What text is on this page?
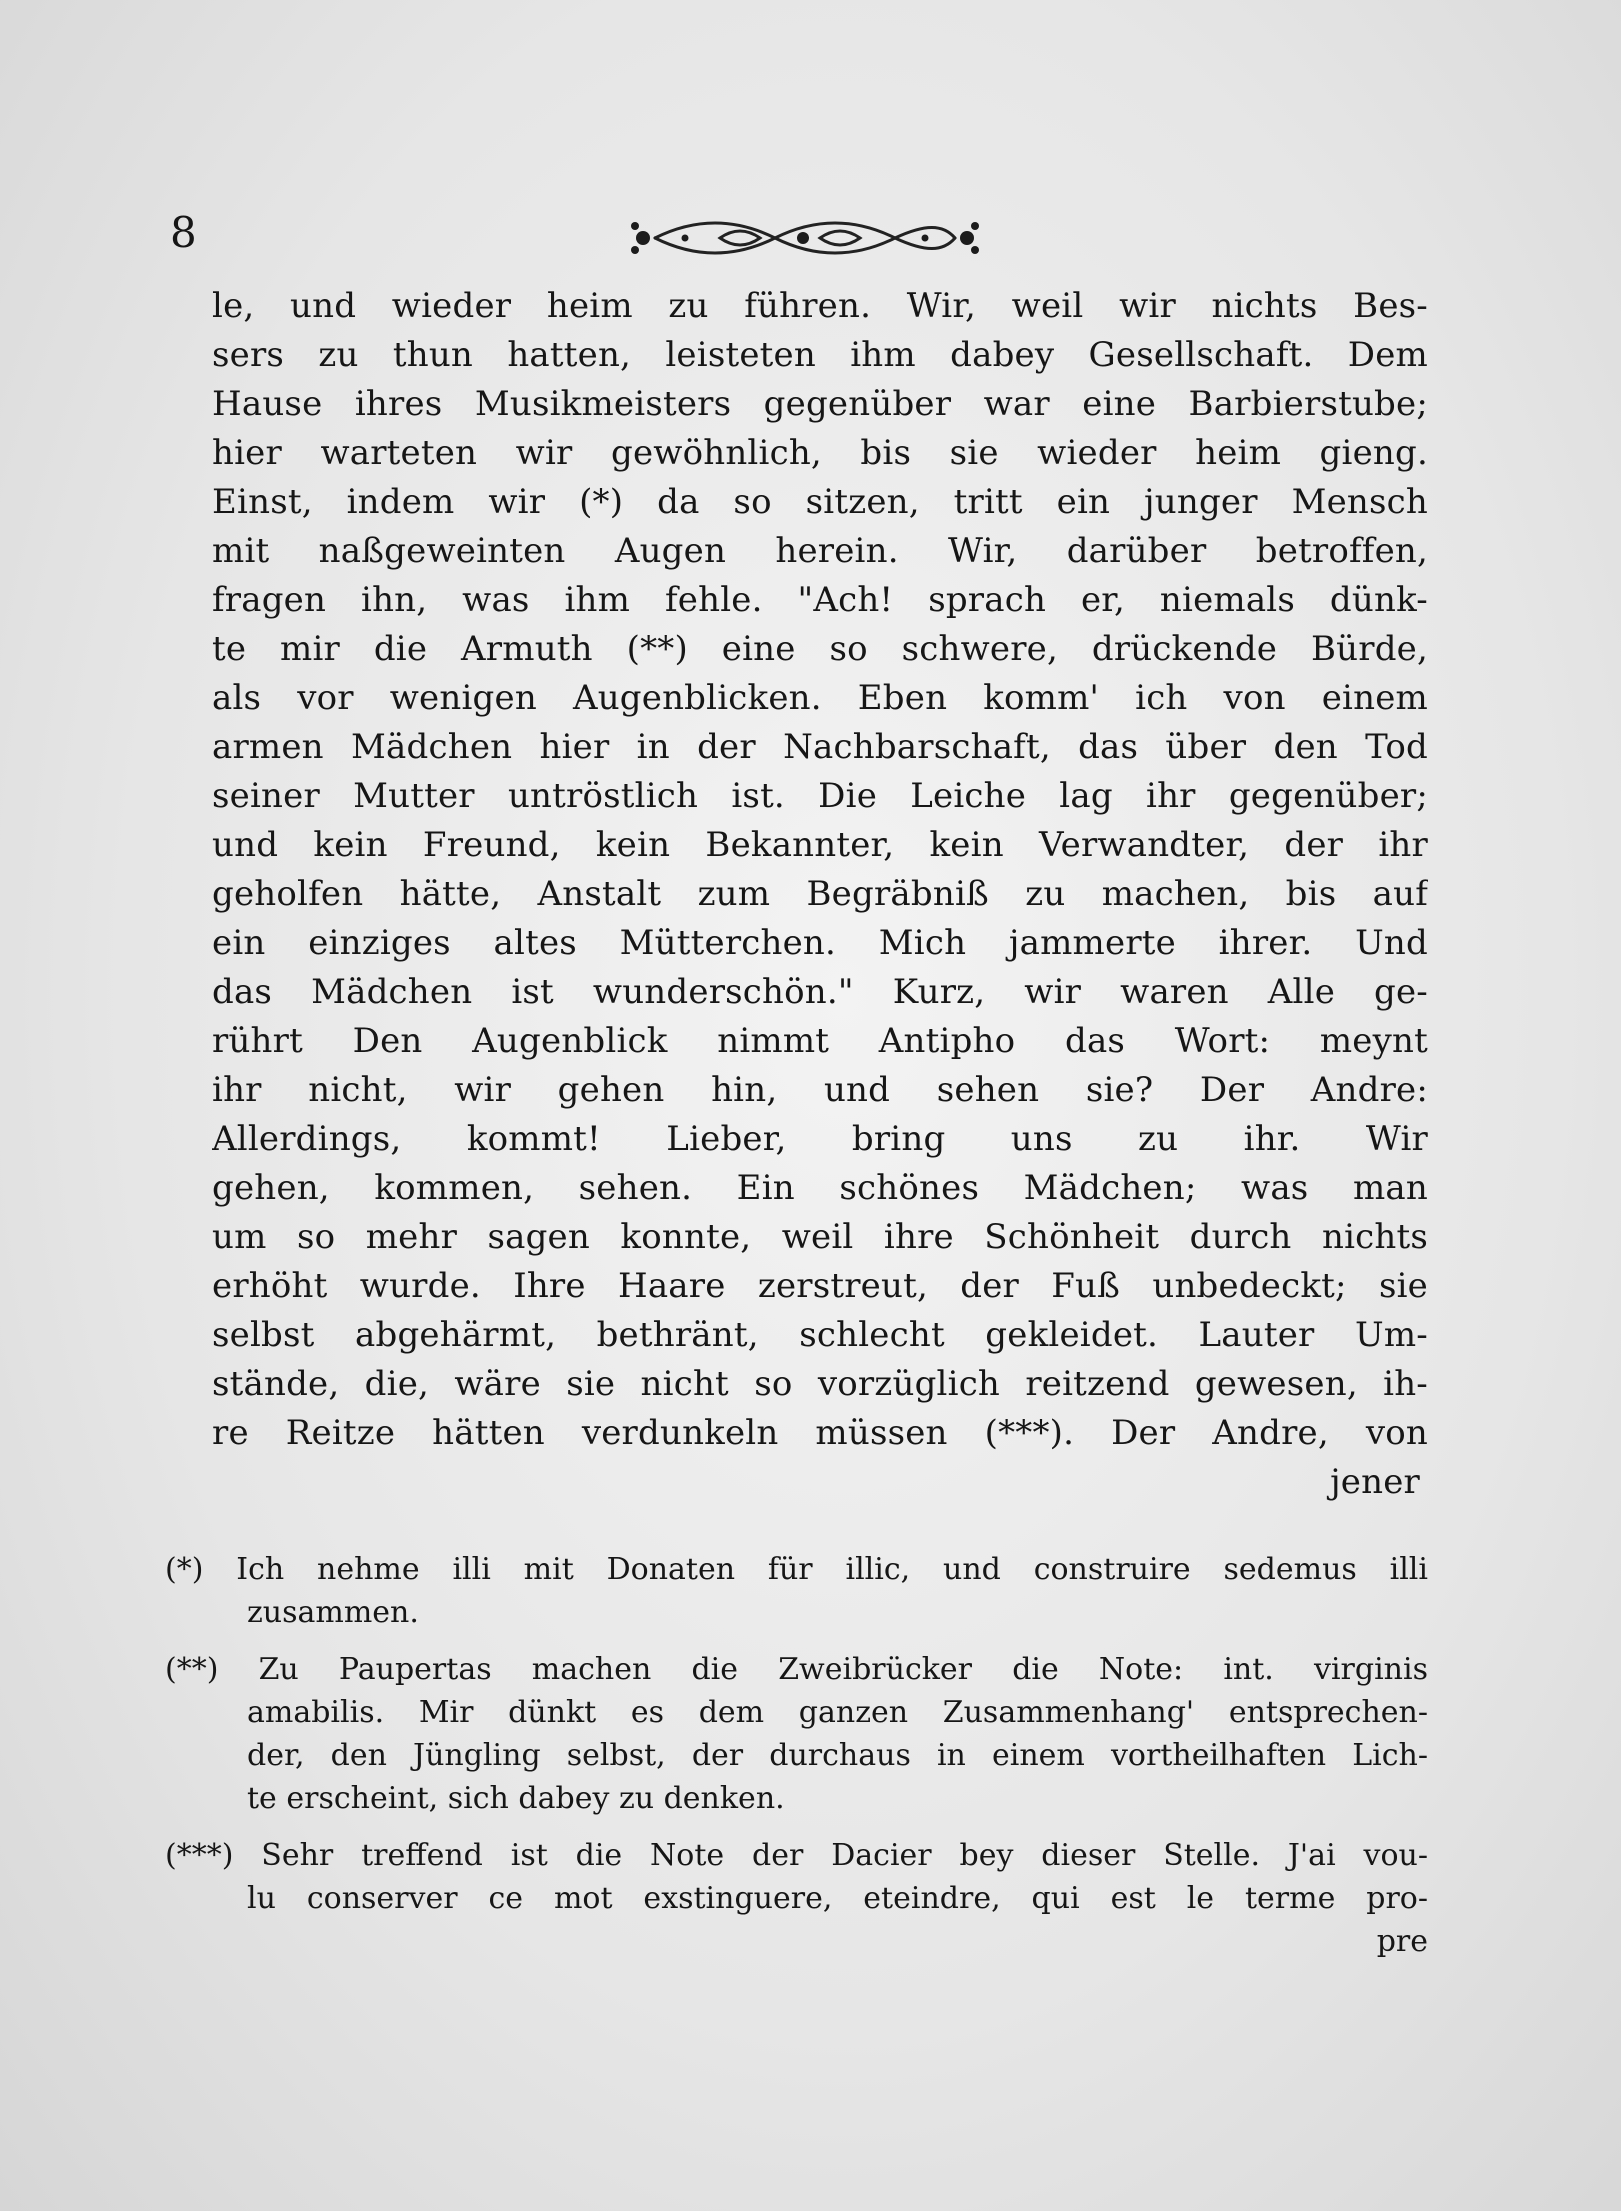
8
le, und wieder heim zu führen. Wir, weil wir nichts Bes-
sers zu thun hatten, leisteten ihm dabey Gesellschaft. Dem
Hause ihres Musikmeisters gegenüber war eine Barbierstube;
hier warteten wir gewöhnlich, bis sie wieder heim gieng.
Einst, indem wir (*) da so sitzen, tritt ein junger Mensch
mit naßgeweinten Augen herein. Wir, darüber betroffen,
fragen ihn, was ihm fehle. "Ach! sprach er, niemals dünk-
te mir die Armuth (**) eine so schwere, drückende Bürde,
als vor wenigen Augenblicken. Eben komm' ich von einem
armen Mädchen hier in der Nachbarschaft, das über den Tod
seiner Mutter untröstlich ist. Die Leiche lag ihr gegenüber;
und kein Freund, kein Bekannter, kein Verwandter, der ihr
geholfen hätte, Anstalt zum Begräbniß zu machen, bis auf
ein einziges altes Mütterchen. Mich jammerte ihrer. Und
das Mädchen ist wunderschön." Kurz, wir waren Alle ge-
rührt Den Augenblick nimmt Antipho das Wort: meynt
ihr nicht, wir gehen hin, und sehen sie? Der Andre:
Allerdings, kommt! Lieber, bring uns zu ihr. Wir
gehen, kommen, sehen. Ein schönes Mädchen; was man
um so mehr sagen konnte, weil ihre Schönheit durch nichts
erhöht wurde. Ihre Haare zerstreut, der Fuß unbedeckt; sie
selbst abgehärmt, bethränt, schlecht gekleidet. Lauter Um-
stände, die, wäre sie nicht so vorzüglich reitzend gewesen, ih-
re Reitze hätten verdunkeln müssen (***). Der Andre, von
jener
(*) Ich nehme illi mit Donaten für illic, und construire sedemus illi
zusammen.
(**) Zu Paupertas machen die Zweibrücker die Note: int. virginis
amabilis. Mir dünkt es dem ganzen Zusammenhang' entsprechen-
der, den Jüngling selbst, der durchaus in einem vortheilhaften Lich-
te erscheint, sich dabey zu denken.
(***) Sehr treffend ist die Note der Dacier bey dieser Stelle. J'ai vou-
lu conserver ce mot exstinguere, eteindre, qui est le terme pro-
pre
